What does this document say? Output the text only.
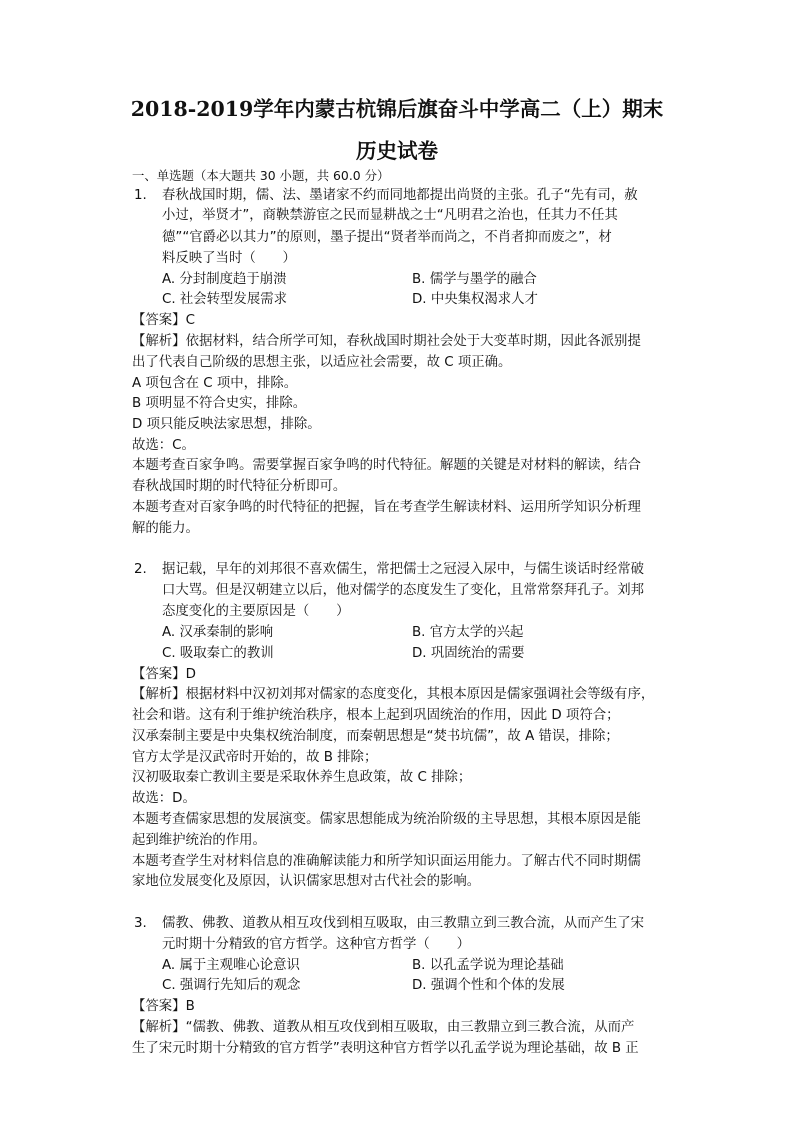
2018-2019学年内蒙古杭锦后旗奋斗中学高二（上）期末
历史试卷
一、单选题（本大题共 30 小题，共 60.0 分）
1. 春秋战国时期，儒、法、墨诸家不约而同地都提出尚贤的主张。孔子“先有司，赦
小过，举贤才”，商鞅禁游宦之民而显耕战之士“凡明君之治也，任其力不任其
德”“官爵必以其力”的原则，墨子提出“贤者举而尚之，不肖者抑而废之”，材
料反映了当时（　　）
A. 分封制度趋于崩溃	B. 儒学与墨学的融合
C. 社会转型发展需求	D. 中央集权渴求人才
【答案】C
【解析】依据材料，结合所学可知，春秋战国时期社会处于大变革时期，因此各派别提
出了代表自己阶级的思想主张，以适应社会需要，故 C 项正确。
A 项包含在 C 项中，排除。
B 项明显不符合史实，排除。
D 项只能反映法家思想，排除。
故选：C。
本题考查百家争鸣。需要掌握百家争鸣的时代特征。解题的关键是对材料的解读，结合
春秋战国时期的时代特征分析即可。
本题考查对百家争鸣的时代特征的把握，旨在考查学生解读材料、运用所学知识分析理
解的能力。
2. 据记载，早年的刘邦很不喜欢儒生，常把儒士之冠浸入尿中，与儒生谈话时经常破
口大骂。但是汉朝建立以后，他对儒学的态度发生了变化，且常常祭拜孔子。刘邦
态度变化的主要原因是（　　）
A. 汉承秦制的影响	B. 官方太学的兴起
C. 吸取秦亡的教训	D. 巩固统治的需要
【答案】D
【解析】根据材料中汉初刘邦对儒家的态度变化，其根本原因是儒家强调社会等级有序，
社会和谐。这有利于维护统治秩序，根本上起到巩固统治的作用，因此 D 项符合；
汉承秦制主要是中央集权统治制度，而秦朝思想是“焚书坑儒”，故 A 错误，排除；
官方太学是汉武帝时开始的，故 B 排除；
汉初吸取秦亡教训主要是采取休养生息政策，故 C 排除；
故选：D。
本题考查儒家思想的发展演变。儒家思想能成为统治阶级的主导思想，其根本原因是能
起到维护统治的作用。
本题考查学生对材料信息的准确解读能力和所学知识面运用能力。了解古代不同时期儒
家地位发展变化及原因，认识儒家思想对古代社会的影响。
3. 儒教、佛教、道教从相互攻伐到相互吸取，由三教鼎立到三教合流，从而产生了宋
元时期十分精致的官方哲学。这种官方哲学（　　）
A. 属于主观唯心论意识	B. 以孔孟学说为理论基础
C. 强调行先知后的观念	D. 强调个性和个体的发展
【答案】B
【解析】“儒教、佛教、道教从相互攻伐到相互吸取，由三教鼎立到三教合流，从而产
生了宋元时期十分精致的官方哲学”表明这种官方哲学以孔孟学说为理论基础，故 B 正
